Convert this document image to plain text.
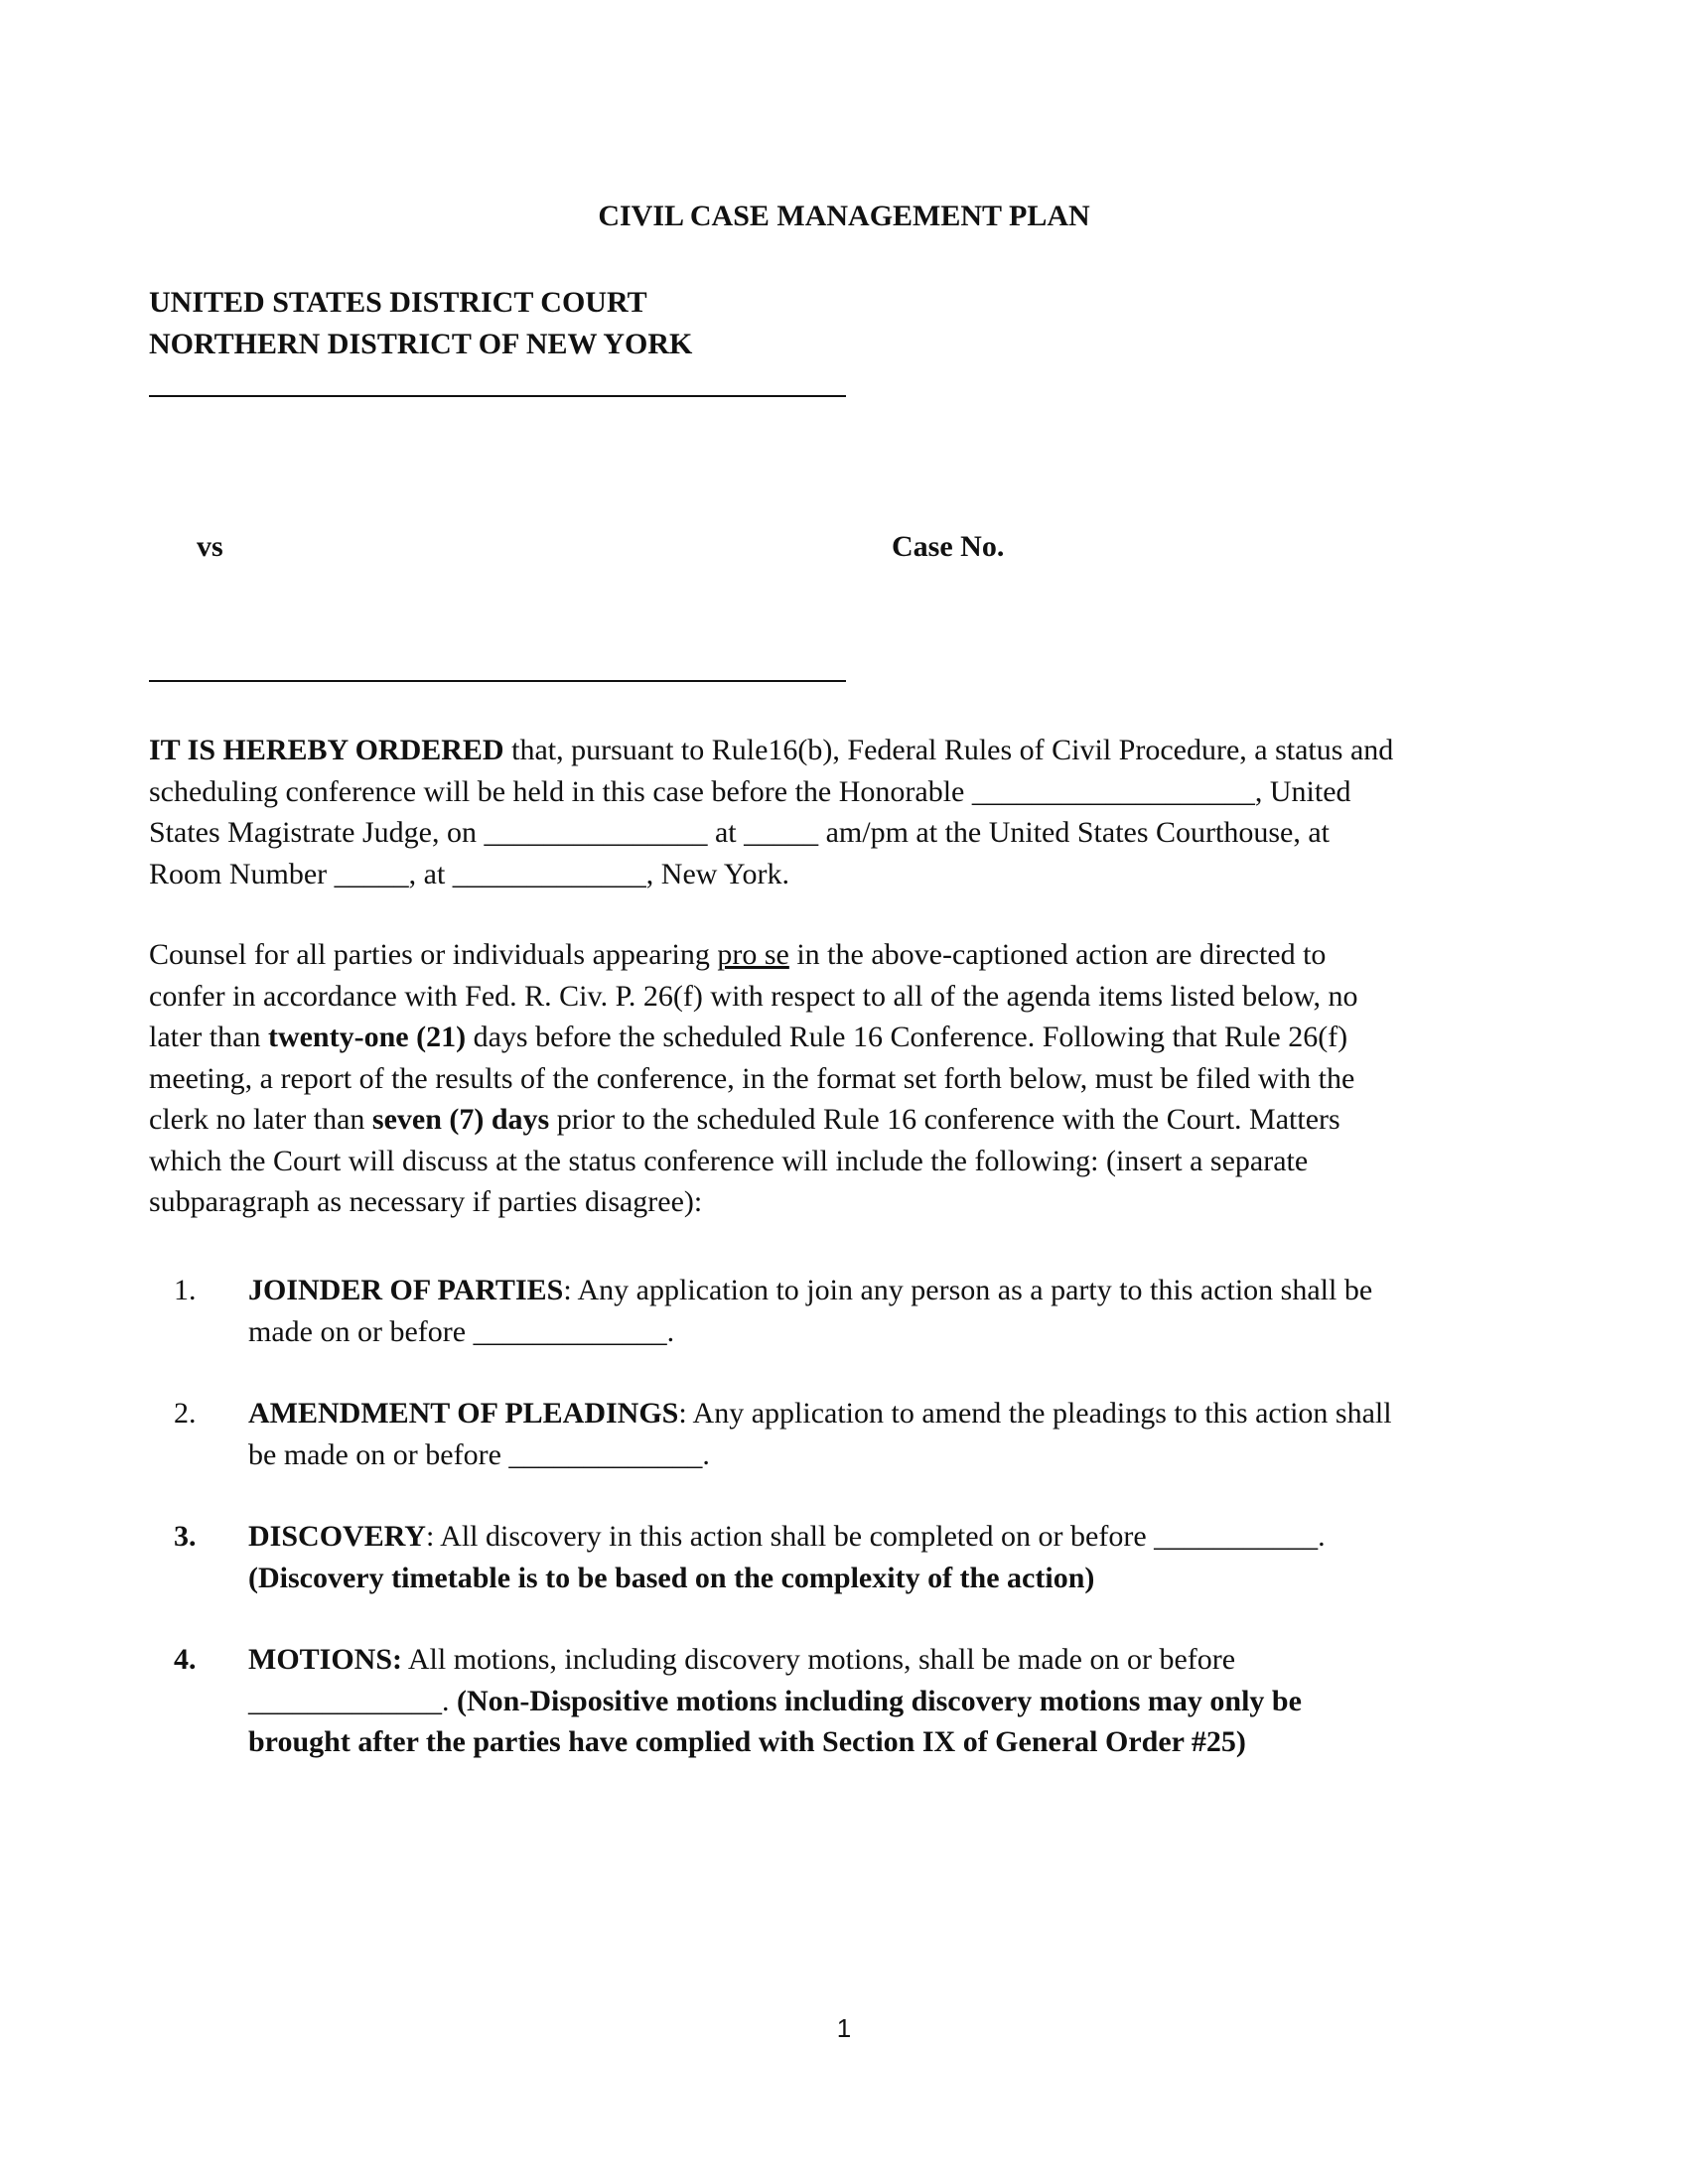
CIVIL CASE MANAGEMENT PLAN
UNITED STATES DISTRICT COURT
NORTHERN DISTRICT OF NEW YORK
vs	Case No.
IT IS HEREBY ORDERED that, pursuant to Rule16(b), Federal Rules of Civil Procedure, a status and
scheduling conference will be held in this case before the Honorable ___________________, United
States Magistrate Judge, on _______________ at _____ am/pm at the United States Courthouse, at
Room Number _____, at _____________, New York.
Counsel for all parties or individuals appearing pro se in the above-captioned action are directed to
confer in accordance with Fed. R. Civ. P. 26(f) with respect to all of the agenda items listed below, no
later than twenty-one (21) days before the scheduled Rule 16 Conference. Following that Rule 26(f)
meeting, a report of the results of the conference, in the format set forth below, must be filed with the
clerk no later than seven (7) days prior to the scheduled Rule 16 conference with the Court. Matters
which the Court will discuss at the status conference will include the following: (insert a separate
subparagraph as necessary if parties disagree):
1. JOINDER OF PARTIES: Any application to join any person as a party to this action shall be
made on or before _____________.
2. AMENDMENT OF PLEADINGS: Any application to amend the pleadings to this action shall
be made on or before _____________.
3. DISCOVERY: All discovery in this action shall be completed on or before ___________.
(Discovery timetable is to be based on the complexity of the action)
4. MOTIONS: All motions, including discovery motions, shall be made on or before
_____________. (Non-Dispositive motions including discovery motions may only be
brought after the parties have complied with Section IX of General Order #25)
1
